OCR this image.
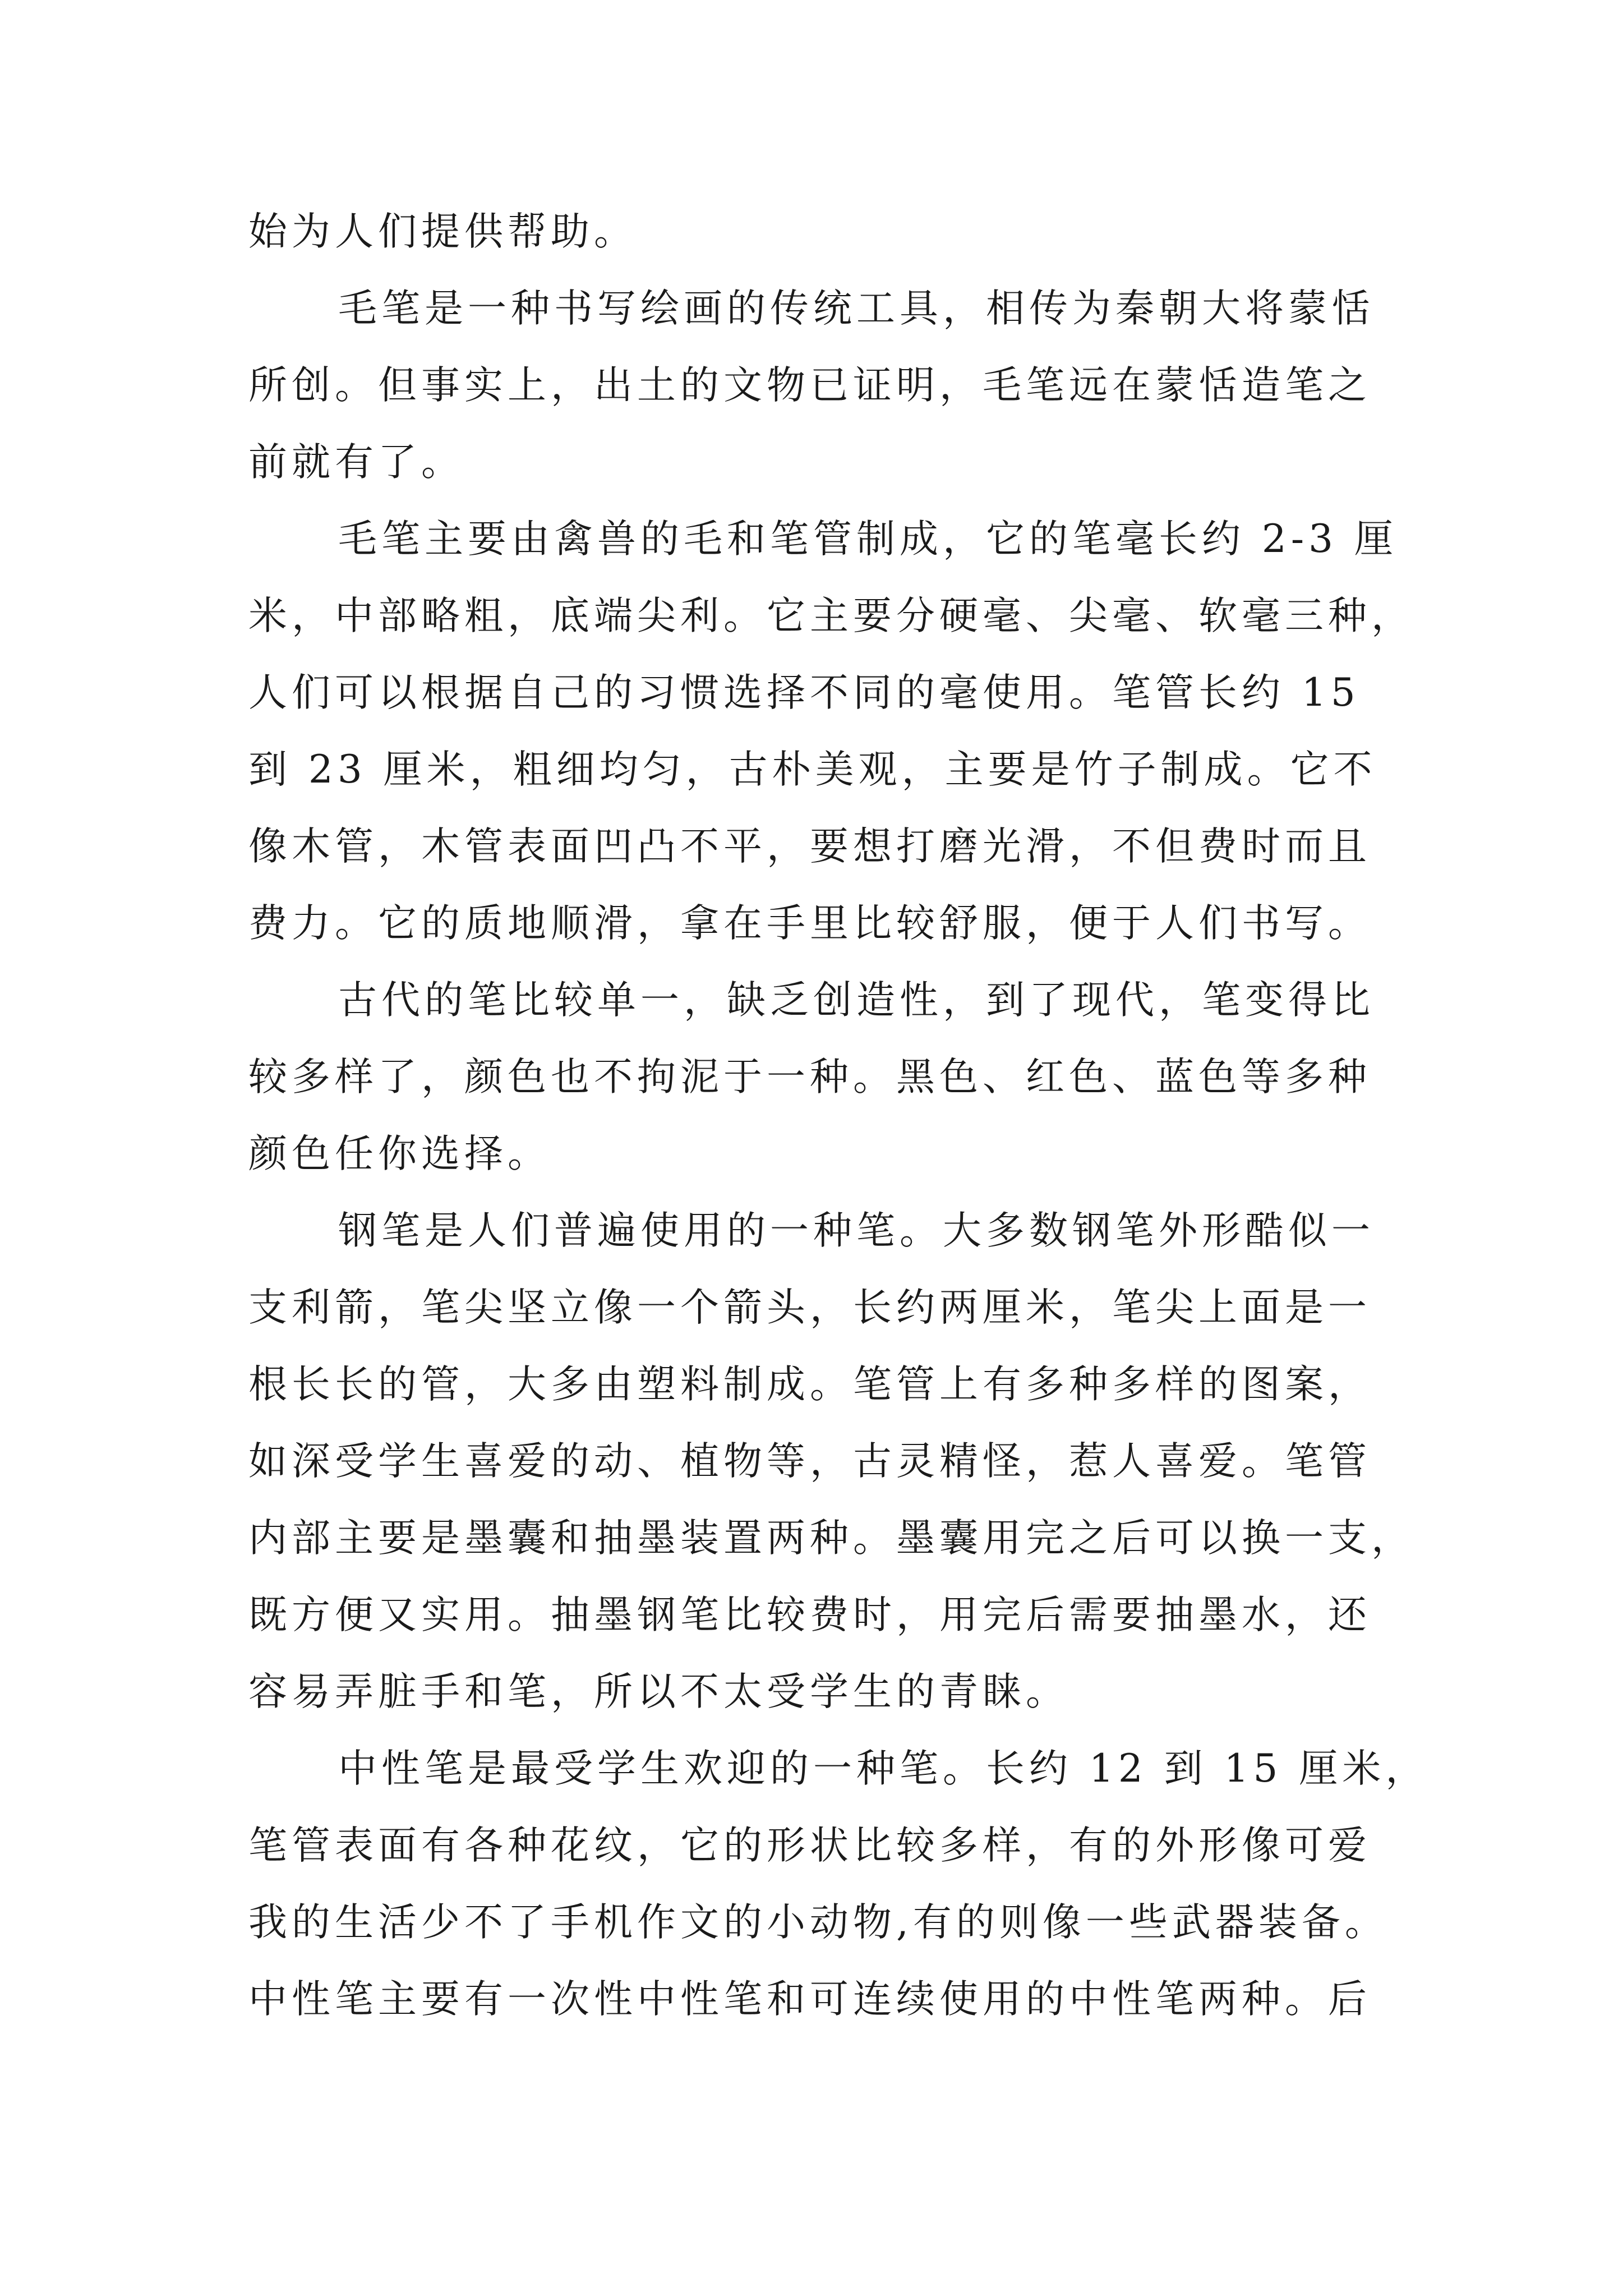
始为人们提供帮助。
毛笔是一种书写绘画的传统工具，相传为秦朝大将蒙恬
所创。但事实上，出土的文物已证明，毛笔远在蒙恬造笔之
前就有了。
毛笔主要由禽兽的毛和笔管制成，它的笔毫长约 2-3 厘
米，中部略粗，底端尖利。它主要分硬毫、尖毫、软毫三种，
人们可以根据自己的习惯选择不同的毫使用。笔管长约 15
到 23 厘米，粗细均匀，古朴美观，主要是竹子制成。它不
像木管，木管表面凹凸不平，要想打磨光滑，不但费时而且
费力。它的质地顺滑，拿在手里比较舒服，便于人们书写。
古代的笔比较单一，缺乏创造性，到了现代，笔变得比
较多样了，颜色也不拘泥于一种。黑色、红色、蓝色等多种
颜色任你选择。
钢笔是人们普遍使用的一种笔。大多数钢笔外形酷似一
支利箭，笔尖坚立像一个箭头，长约两厘米，笔尖上面是一
根长长的管，大多由塑料制成。笔管上有多种多样的图案，
如深受学生喜爱的动、植物等，古灵精怪，惹人喜爱。笔管
内部主要是墨囊和抽墨装置两种。墨囊用完之后可以换一支，
既方便又实用。抽墨钢笔比较费时，用完后需要抽墨水，还
容易弄脏手和笔，所以不太受学生的青睐。
中性笔是最受学生欢迎的一种笔。长约 12 到 15 厘米，
笔管表面有各种花纹，它的形状比较多样，有的外形像可爱
我的生活少不了手机作文的小动物,有的则像一些武器装备。
中性笔主要有一次性中性笔和可连续使用的中性笔两种。后
